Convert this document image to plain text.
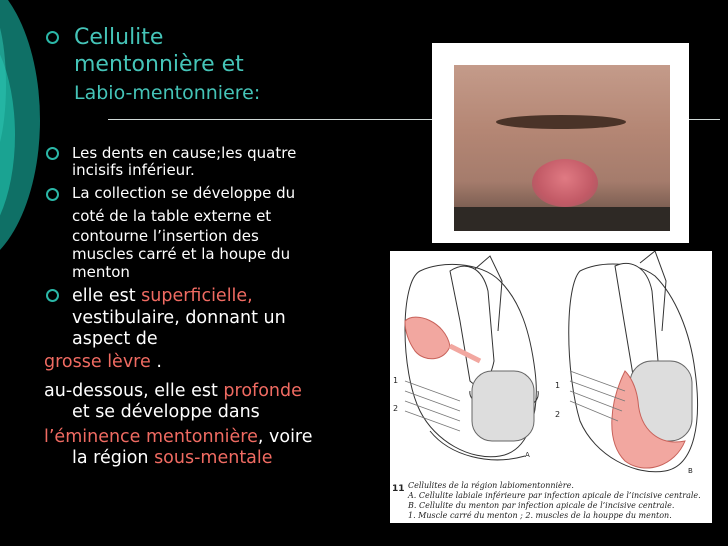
Cellulite
mentonnière et
Labio-mentonniere:
Les dents en cause;les quatre
incisifs inférieur.
La collection se développe du
coté de la table externe et
contourne l’insertion des
muscles carré et la houpe du
menton
elle est superficielle,
vestibulaire, donnant un
aspect de
grosse lèvre .
au-dessous, elle est profonde
et se développe dans
l’éminence mentonnière, voire
la région sous-mentale
1
2
A
1
2
B
11 Cellulites de la région labiomentonnière.
A. Cellulite labiale inférieure par infection apicale de l’incisive centrale.
B. Cellulite du menton par infection apicale de l’incisive centrale.
1. Muscle carré du menton ; 2. muscles de la houppe du menton.
